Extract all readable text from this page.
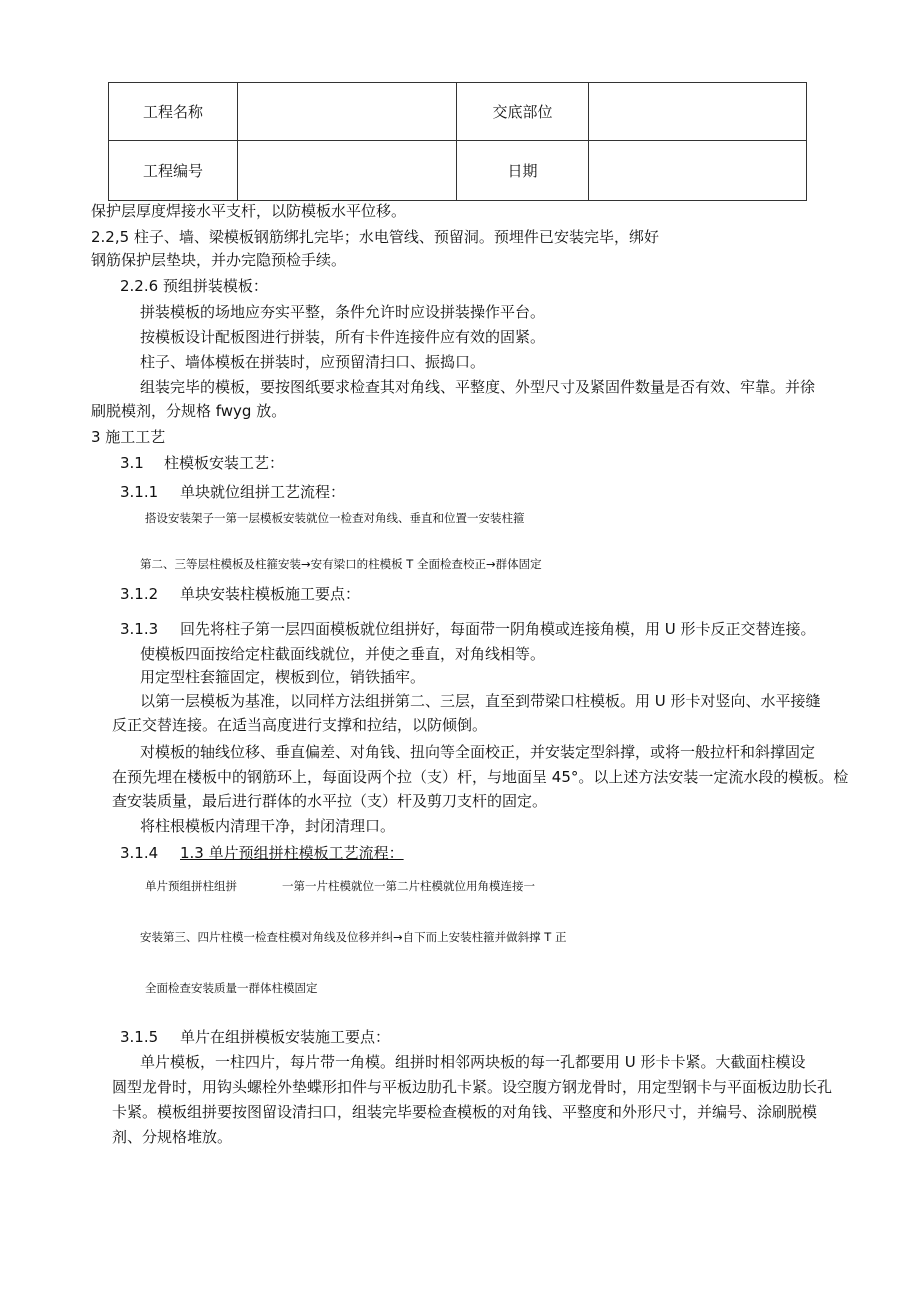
工程名称		交底部位	
工程编号		日期	
保护层厚度焊接水平支杆，以防模板水平位移。
2.2,5 柱子、墙、梁模板钢筋绑扎完毕；水电管线、预留洞。预埋件已安装完毕，绑好
钢筋保护层垫块，并办完隐预检手续。
2.2.6 预组拼装模板：
拼装模板的场地应夯实平整，条件允许时应设拼装操作平台。
按模板设计配板图进行拼装，所有卡件连接件应有效的固紧。
柱子、墙体模板在拼装时，应预留清扫口、振捣口。
组装完毕的模板，要按图纸要求检查其对角线、平整度、外型尺寸及紧固件数量是否有效、牢靠。并徐
刷脱模剂，分规格 fwyg 放。
3 施工工艺
3.1 柱模板安装工艺：
3.1.1 单块就位组拼工艺流程：
搭设安装架子一第一层模板安装就位一检查对角线、垂直和位置一安装柱箍
第二、三等层柱模板及柱箍安装→安有梁口的柱模板 T 全面检查校正→群体固定
3.1.2 单块安装柱模板施工要点：
3.1.3 回先将柱子第一层四面模板就位组拼好，每面带一阴角模或连接角模，用 U 形卡反正交替连接。
使模板四面按给定柱截面线就位，并使之垂直，对角线相等。
用定型柱套箍固定，楔板到位，销铁插牢。
以第一层模板为基准，以同样方法组拼第二、三层，直至到带梁口柱模板。用 U 形卡对竖向、水平接缝
反正交替连接。在适当高度进行支撑和拉结，以防倾倒。
对模板的轴线位移、垂直偏差、对角钱、扭向等全面校正，并安装定型斜撑，或将一般拉杆和斜撑固定
在预先埋在楼板中的钢筋环上，每面设两个拉（支）杆，与地面呈 45°。以上述方法安装一定流水段的模板。检
查安装质量，最后进行群体的水平拉（支）杆及剪刀支杆的固定。
将柱根模板内清理干净，封闭清理口。
3.1.4 1.3 单片预组拼柱模板工艺流程：
单片预组拼柱组拼	一第一片柱模就位一第二片柱模就位用角模连接一
安装第三、四片柱模一检查柱模对角线及位移并纠→自下而上安装柱箍并做斜撑 T 正
全面检查安装质量一群体柱模固定
3.1.5 单片在组拼模板安装施工要点：
单片模板，一柱四片，每片带一角模。组拼时相邻两块板的每一孔都要用 U 形卡卡紧。大截面柱模设
圆型龙骨时，用钩头螺栓外垫蝶形扣件与平板边肋孔卡紧。设空腹方钢龙骨时，用定型钢卡与平面板边肋长孔
卡紧。模板组拼要按图留设清扫口，组装完毕要检查模板的对角钱、平整度和外形尺寸，并编号、涂刷脱模
剂、分规格堆放。
